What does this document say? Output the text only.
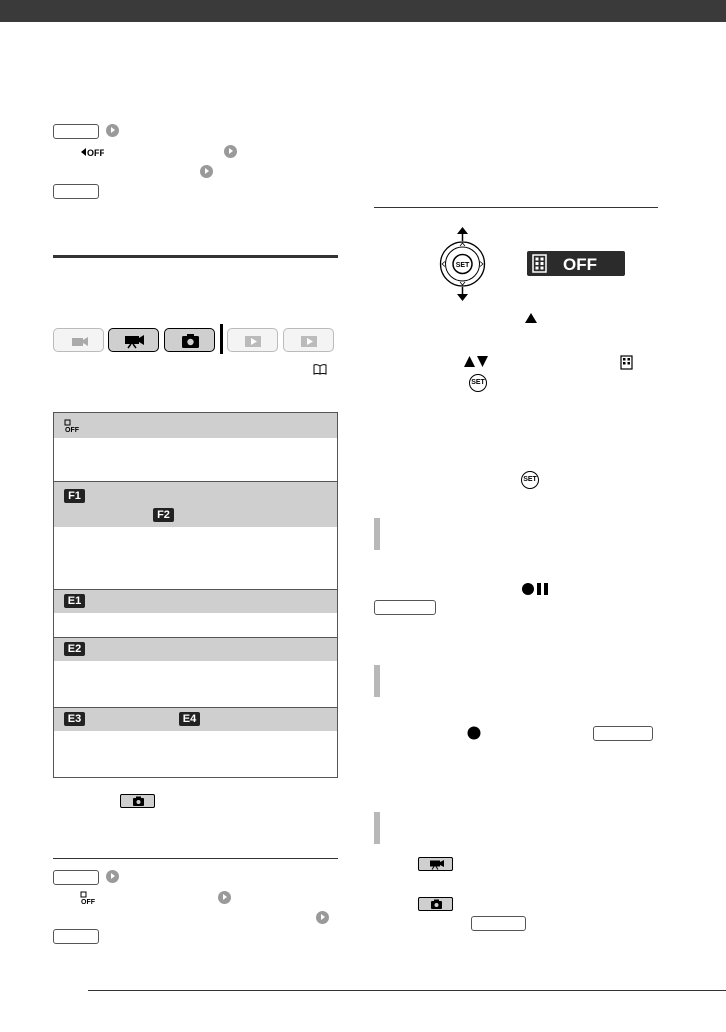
OFF
OFF
F1
F2
E1
E2
E3	E4
OFF
SET	OFF
SET
SET
